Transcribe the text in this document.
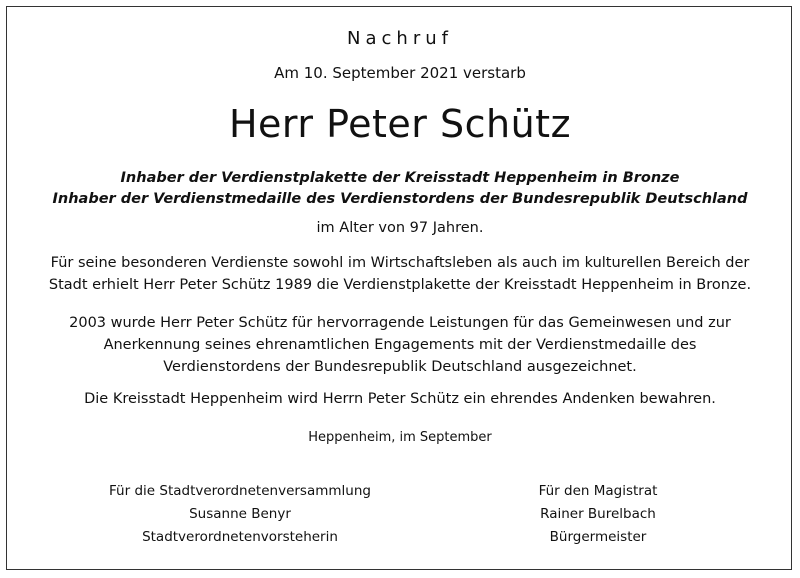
Nachruf
Am 10. September 2021 verstarb
Herr Peter Schütz
Inhaber der Verdienstplakette der Kreisstadt Heppenheim in Bronze
Inhaber der Verdienstmedaille des Verdienstordens der Bundesrepublik Deutschland
im Alter von 97 Jahren.
Für seine besonderen Verdienste sowohl im Wirtschaftsleben als auch im kulturellen Bereich der
Stadt erhielt Herr Peter Schütz 1989 die Verdienstplakette der Kreisstadt Heppenheim in Bronze.
2003 wurde Herr Peter Schütz für hervorragende Leistungen für das Gemeinwesen und zur
Anerkennung seines ehrenamtlichen Engagements mit der Verdienstmedaille des
Verdienstordens der Bundesrepublik Deutschland ausgezeichnet.
Die Kreisstadt Heppenheim wird Herrn Peter Schütz ein ehrendes Andenken bewahren.
Heppenheim, im September
Für die Stadtverordnetenversammlung
Susanne Benyr
Stadtverordnetenvorsteherin
Für den Magistrat
Rainer Burelbach
Bürgermeister
